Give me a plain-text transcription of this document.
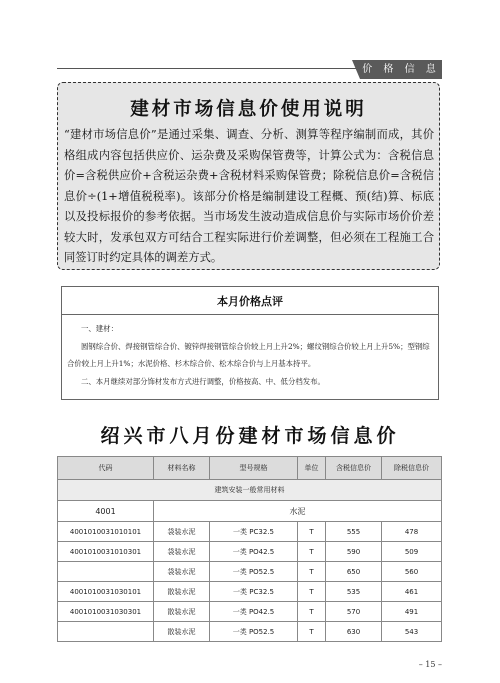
价 格 信 息
建材市场信息价使用说明
“建材市场信息价”是通过采集、调查、分析、测算等程序编制而成，其价格组成内容包括供应价、运杂费及采购保管费等，计算公式为：含税信息价=含税供应价+含税运杂费+含税材料采购保管费；除税信息价=含税信息价÷(1+增值税税率)。该部分价格是编制建设工程概、预(结)算、标底以及投标报价的参考依据。当市场发生波动造成信息价与实际市场价价差较大时，发承包双方可结合工程实际进行价差调整，但必须在工程施工合同签订时约定具体的调差方式。
本月价格点评

一、建材：

圆钢综合价、焊接钢管综合价、镀锌焊接钢管综合价较上月上升2%；螺纹钢综合价较上月上升5%；型钢综合价较上月上升1%；水泥价格、杉木综合价、松木综合价与上月基本持平。

二、本月继续对部分饰材发布方式进行调整，价格按高、中、低分档发布。

绍兴市八月份建材市场信息价
代码	材料名称	型号规格	单位	含税信息价	除税信息价
建筑安装一般常用材料					
4001	水泥				
4001010031010101	袋装水泥	一类 PC32.5	T	555	478
4001010031010301	袋装水泥	一类 PO42.5	T	590	509
	袋装水泥	一类 PO52.5	T	650	560
4001010031030101	散装水泥	一类 PC32.5	T	535	461
4001010031030301	散装水泥	一类 PO42.5	T	570	491
	散装水泥	一类 PO52.5	T	630	543
– 15 –
